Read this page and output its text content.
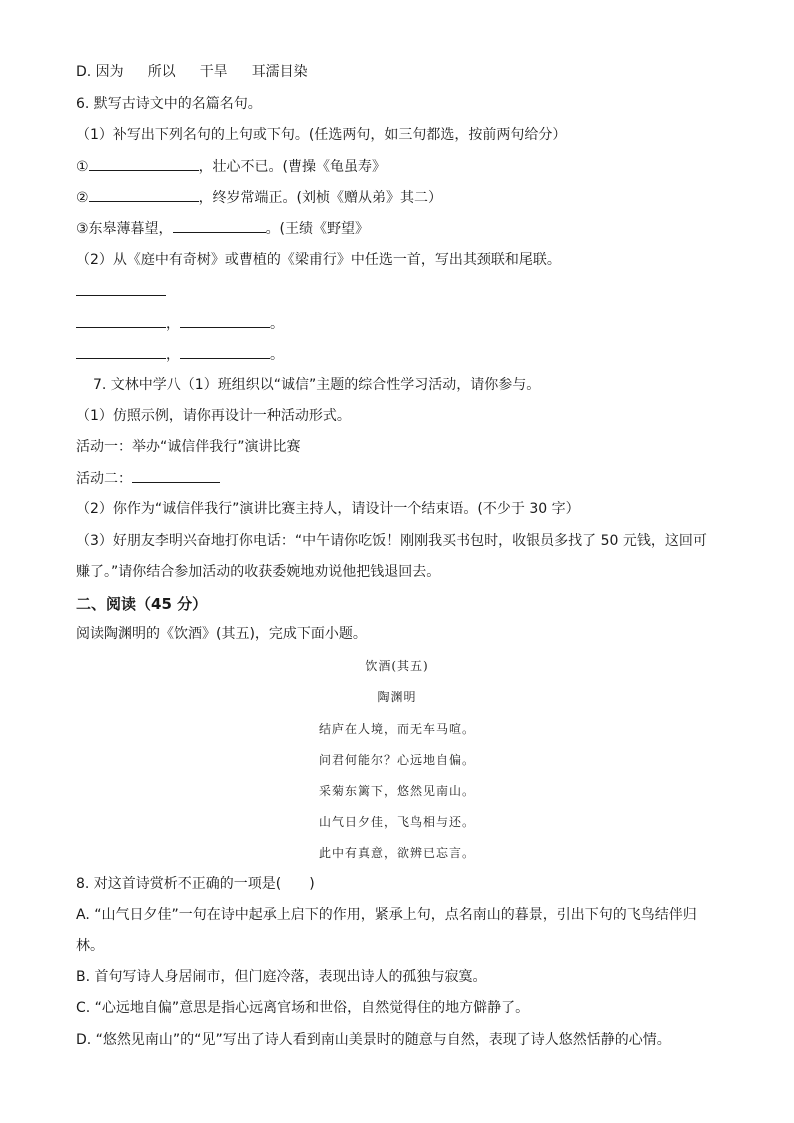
D. 因为 所以 干旱 耳濡目染
6. 默写古诗文中的名篇名句。
（1）补写出下列名句的上句或下句。(任选两句，如三句都选，按前两句给分）
①	，壮心不已。(曹操《龟虽寿》
②	，终岁常端正。(刘桢《赠从弟》其二）
③东皋薄暮望，	。(王绩《野望》
（2）从《庭中有奇树》或曹植的《梁甫行》中任选一首，写出其颈联和尾联。
，	。
，	。
7. 文林中学八（1）班组织以“诚信”主题的综合性学习活动，请你参与。
（1）仿照示例，请你再设计一种活动形式。
活动一：举办“诚信伴我行”演讲比赛
活动二：
（2）你作为“诚信伴我行”演讲比赛主持人，请设计一个结束语。(不少于 30 字）
（3）好朋友李明兴奋地打你电话：“中午请你吃饭！刚刚我买书包时，收银员多找了 50 元钱，这回可
赚了。”请你结合参加活动的收获委婉地劝说他把钱退回去。
二、阅读（45 分）
阅读陶渊明的《饮酒》(其五)，完成下面小题。
饮酒(其五)
陶渊明
结庐在人境，而无车马喧。
问君何能尔？心远地自偏。
采菊东篱下，悠然见南山。
山气日夕佳，飞鸟相与还。
此中有真意，欲辨已忘言。
8. 对这首诗赏析不正确的一项是(　　)
A. “山气日夕佳”一句在诗中起承上启下的作用，紧承上句，点名南山的暮景，引出下句的飞鸟结伴归
林。
B. 首句写诗人身居闹市，但门庭冷落，表现出诗人的孤独与寂寞。
C. “心远地自偏”意思是指心远离官场和世俗，自然觉得住的地方僻静了。
D. “悠然见南山”的“见”写出了诗人看到南山美景时的随意与自然，表现了诗人悠然恬静的心情。
